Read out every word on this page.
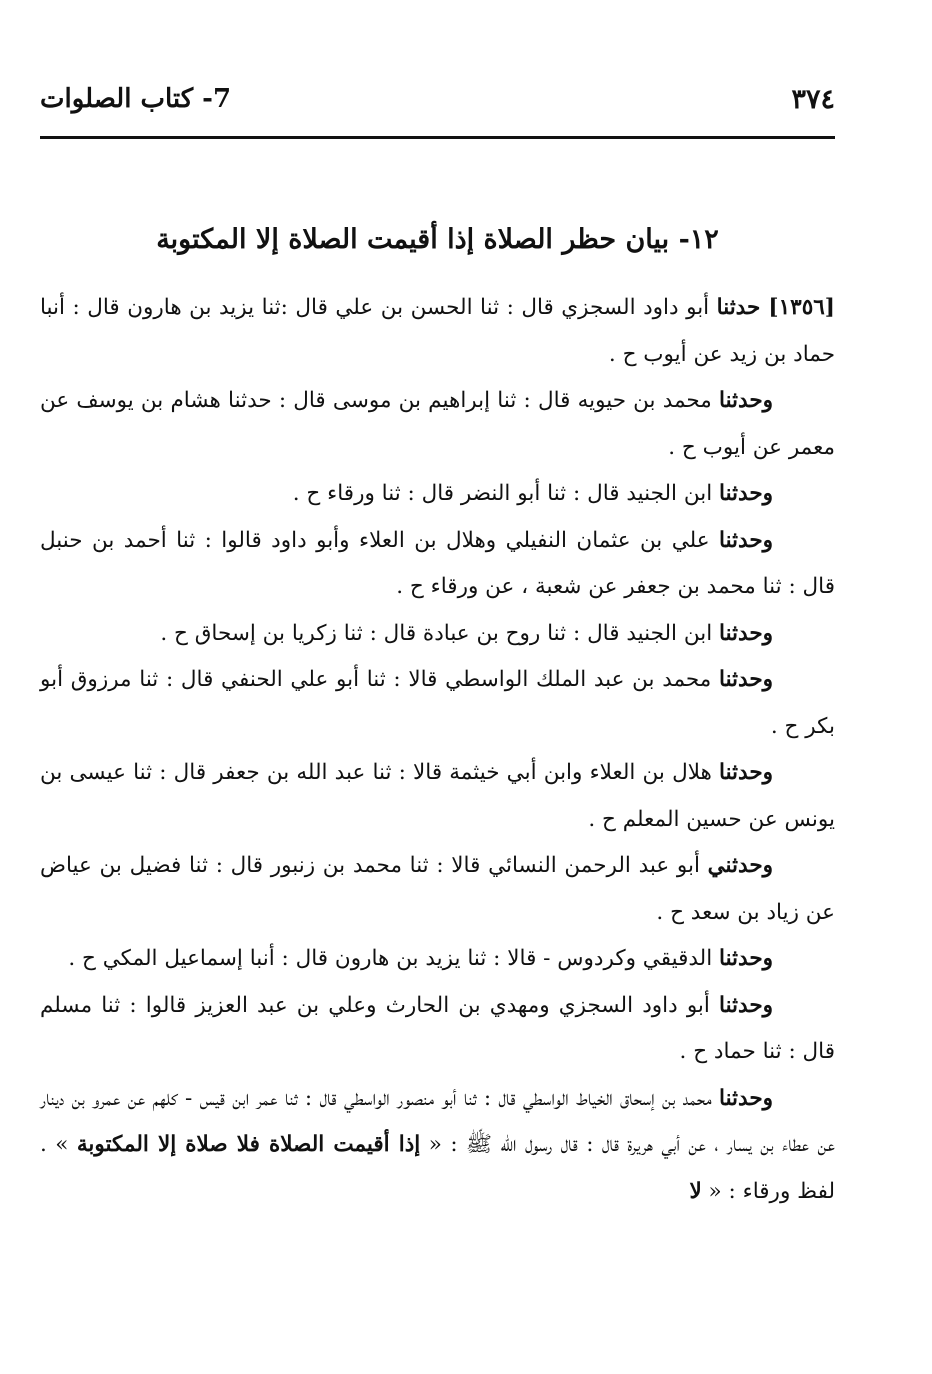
٣٧٤
7- كتاب الصلوات
١٢- بيان حظر الصلاة إذا أقيمت الصلاة إلا المكتوبة

[١٣٥٦] حدثنا أبو داود السجزي قال : ثنا الحسن بن علي قال :ثنا يزيد بن هارون قال : أنبا حماد بن زيد عن أيوب ح .

وحدثنا محمد بن حيويه قال : ثنا إبراهيم بن موسى قال : حدثنا هشام بن يوسف عن معمر عن أيوب ح .

وحدثنا ابن الجنيد قال : ثنا أبو النضر قال : ثنا ورقاء ح .

وحدثنا علي بن عثمان النفيلي وهلال بن العلاء وأبو داود قالوا : ثنا أحمد بن حنبل قال : ثنا محمد بن جعفر عن شعبة ، عن ورقاء ح .

وحدثنا ابن الجنيد قال : ثنا روح بن عبادة قال : ثنا زكريا بن إسحاق ح .

وحدثنا محمد بن عبد الملك الواسطي قالا : ثنا أبو علي الحنفي قال : ثنا مرزوق أبو بكر ح .

وحدثنا هلال بن العلاء وابن أبي خيثمة قالا : ثنا عبد الله بن جعفر قال : ثنا عيسى بن يونس عن حسين المعلم ح .

وحدثني أبو عبد الرحمن النسائي قالا : ثنا محمد بن زنبور قال : ثنا فضيل بن عياض عن زياد بن سعد ح .

وحدثنا الدقيقي وكردوس - قالا : ثنا يزيد بن هارون قال : أنبا إسماعيل المكي ح .

وحدثنا أبو داود السجزي ومهدي بن الحارث وعلي بن عبد العزيز قالوا : ثنا مسلم قال : ثنا حماد ح .

وحدثنا محمد بن إسحاق الخياط الواسطي قال : ثنا أبو منصور الواسطي قال : ثنا عمر ابن قيس - كلهم عن عمرو بن دينار عن عطاء بن يسار ، عن أبي هريرة قال : قال رسول الله ﷺ : « إذا أقيمت الصلاة فلا صلاة إلا المكتوبة » . لفظ ورقاء : « لا
